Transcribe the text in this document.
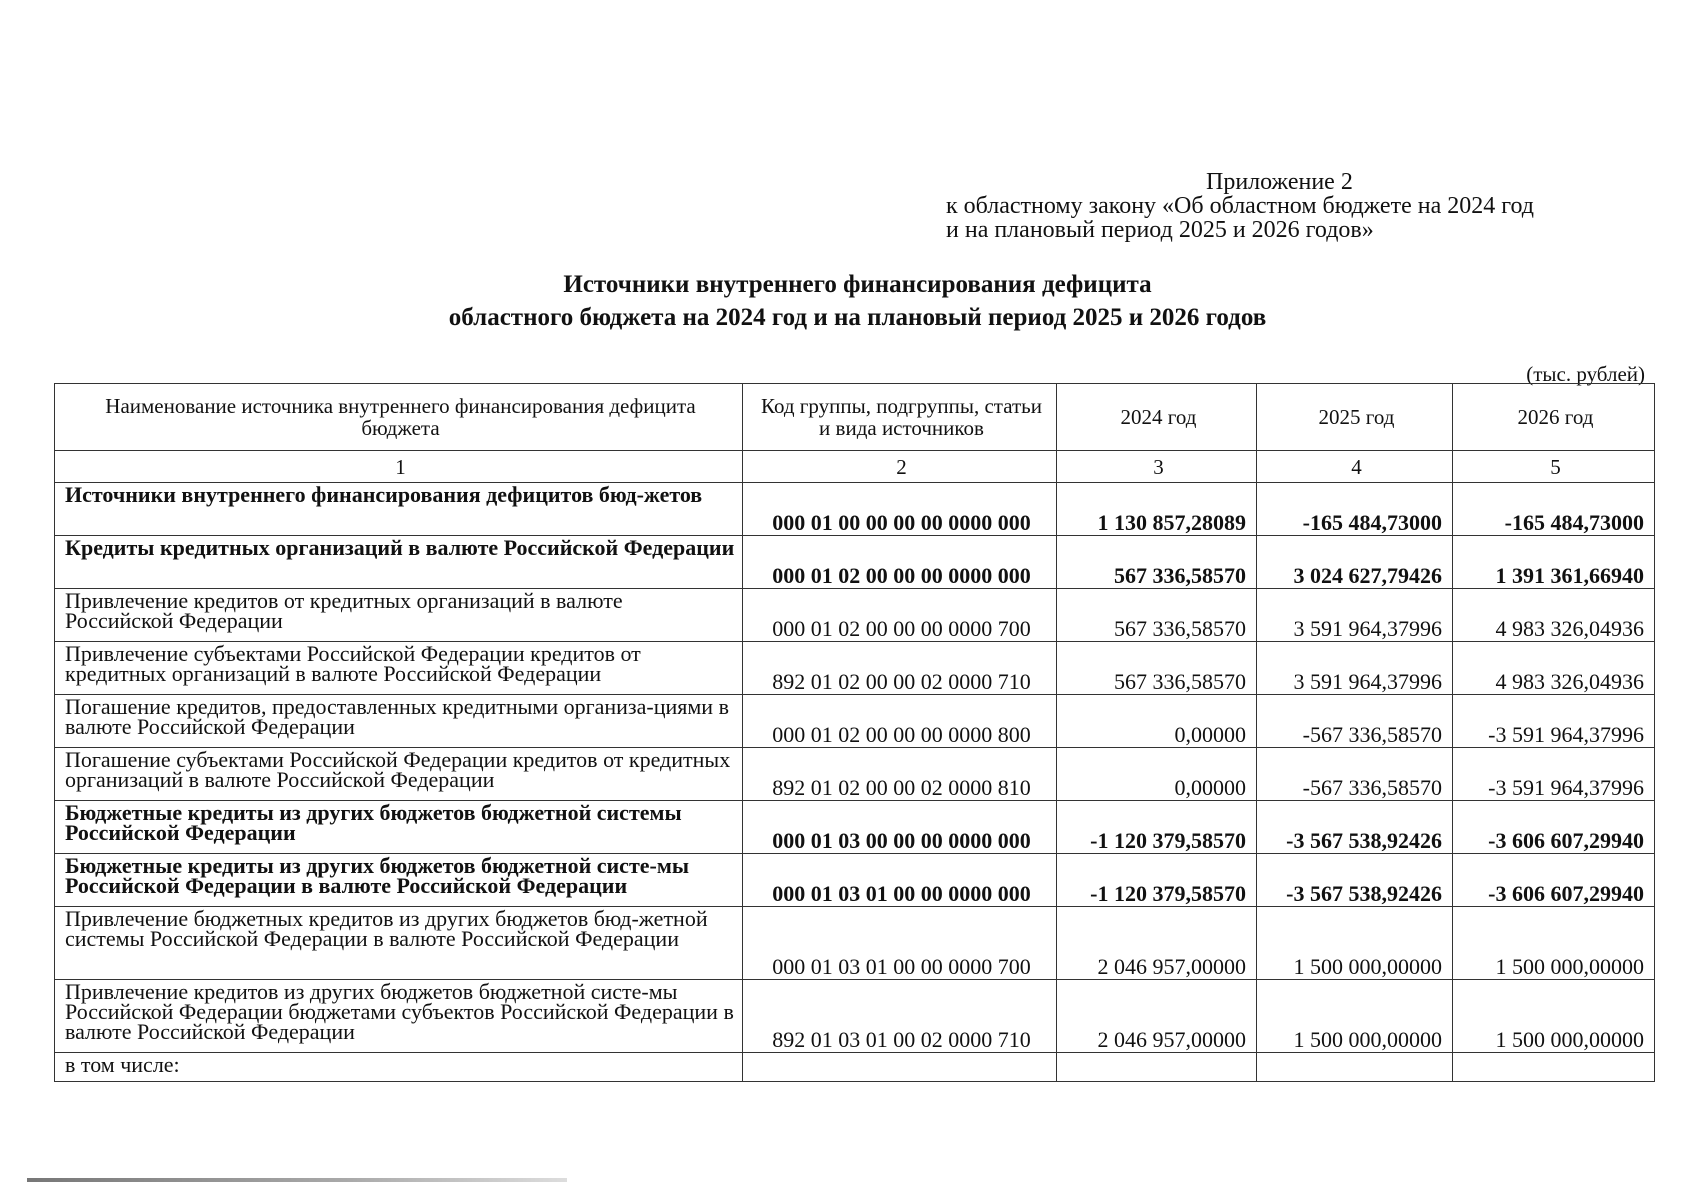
Приложение 2
к областному закону «Об областном бюджете на 2024 год
и на плановый период 2025 и 2026 годов»
Источники внутреннего финансирования дефицита
областного бюджета на 2024 год и на плановый период 2025 и 2026 годов
(тыс. рублей)
Наименование источника внутреннего финансирования дефицита бюджета	Код группы, подгруппы, статьи и вида источников	2024 год	2025 год	2026 год
1	2	3	4	5
Источники внутреннего финансирования дефицитов бюд-жетов	000 01 00 00 00 00 0000 000	1 130 857,28089	-165 484,73000	-165 484,73000
Кредиты кредитных организаций в валюте Российской Федерации	000 01 02 00 00 00 0000 000	567 336,58570	3 024 627,79426	1 391 361,66940
Привлечение кредитов от кредитных организаций в валюте Российской Федерации	000 01 02 00 00 00 0000 700	567 336,58570	3 591 964,37996	4 983 326,04936
Привлечение субъектами Российской Федерации кредитов от кредитных организаций в валюте Российской Федерации	892 01 02 00 00 02 0000 710	567 336,58570	3 591 964,37996	4 983 326,04936
Погашение кредитов, предоставленных кредитными организа-циями в валюте Российской Федерации	000 01 02 00 00 00 0000 800	0,00000	-567 336,58570	-3 591 964,37996
Погашение субъектами Российской Федерации кредитов от кредитных организаций в валюте Российской Федерации	892 01 02 00 00 02 0000 810	0,00000	-567 336,58570	-3 591 964,37996
Бюджетные кредиты из других бюджетов бюджетной системы Российской Федерации	000 01 03 00 00 00 0000 000	-1 120 379,58570	-3 567 538,92426	-3 606 607,29940
Бюджетные кредиты из других бюджетов бюджетной систе-мы Российской Федерации в валюте Российской Федерации	000 01 03 01 00 00 0000 000	-1 120 379,58570	-3 567 538,92426	-3 606 607,29940
Привлечение бюджетных кредитов из других бюджетов бюд-жетной системы Российской Федерации в валюте Российской Федерации	000 01 03 01 00 00 0000 700	2 046 957,00000	1 500 000,00000	1 500 000,00000
Привлечение кредитов из других бюджетов бюджетной систе-мы Российской Федерации бюджетами субъектов Российской Федерации в валюте Российской Федерации	892 01 03 01 00 02 0000 710	2 046 957,00000	1 500 000,00000	1 500 000,00000
в том числе:				
